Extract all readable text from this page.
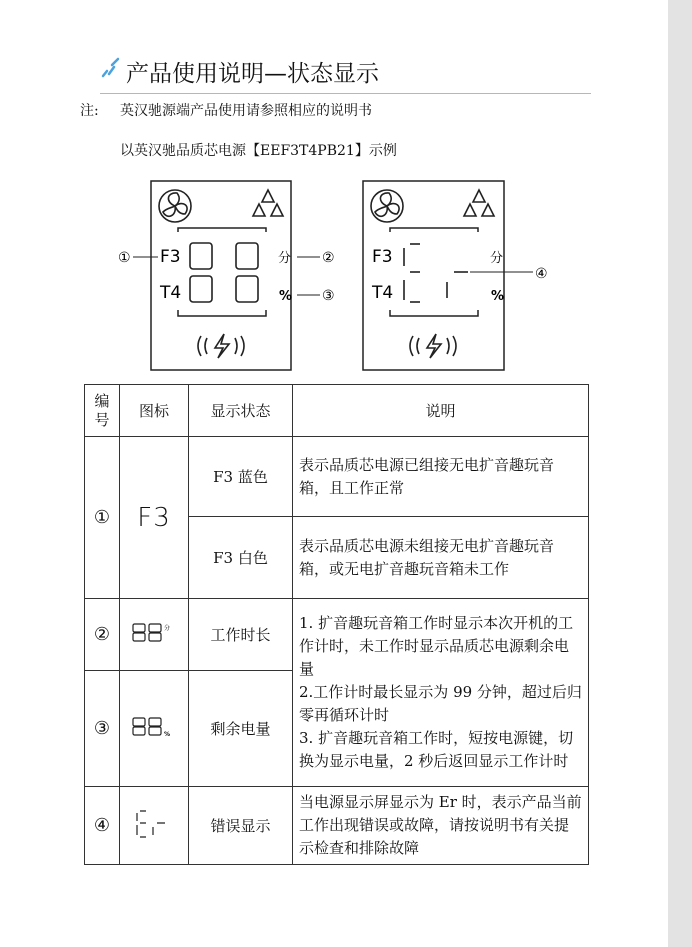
产品使用说明—状态显示
注: 英汉驰源端产品使用请参照相应的说明书
以英汉驰品质芯电源【EEF3T4PB21】示例
F3
T4
分
%
①	②
③
F3
T4
分
%
④
编
号	图标	显示状态	说明
①	F3	F3 蓝色	表示品质芯电源已组接无电扩音趣玩音箱，且工作正常
		F3 白色	表示品质芯电源未组接无电扩音趣玩音箱，或无电扩音趣玩音箱未工作
②	分	工作时长	1. 扩音趣玩音箱工作时显示本次开机的工作计时，未工作时显示品质芯电源剩余电量
2.工作计时最长显示为 99 分钟，超过后归零再循环计时
3. 扩音趣玩音箱工作时，短按电源键，切换为显示电量，2 秒后返回显示工作计时
③	%	剩余电量	
④		错误显示	当电源显示屏显示为 Er 时，表示产品当前工作出现错误或故障，请按说明书有关提示检查和排除故障
